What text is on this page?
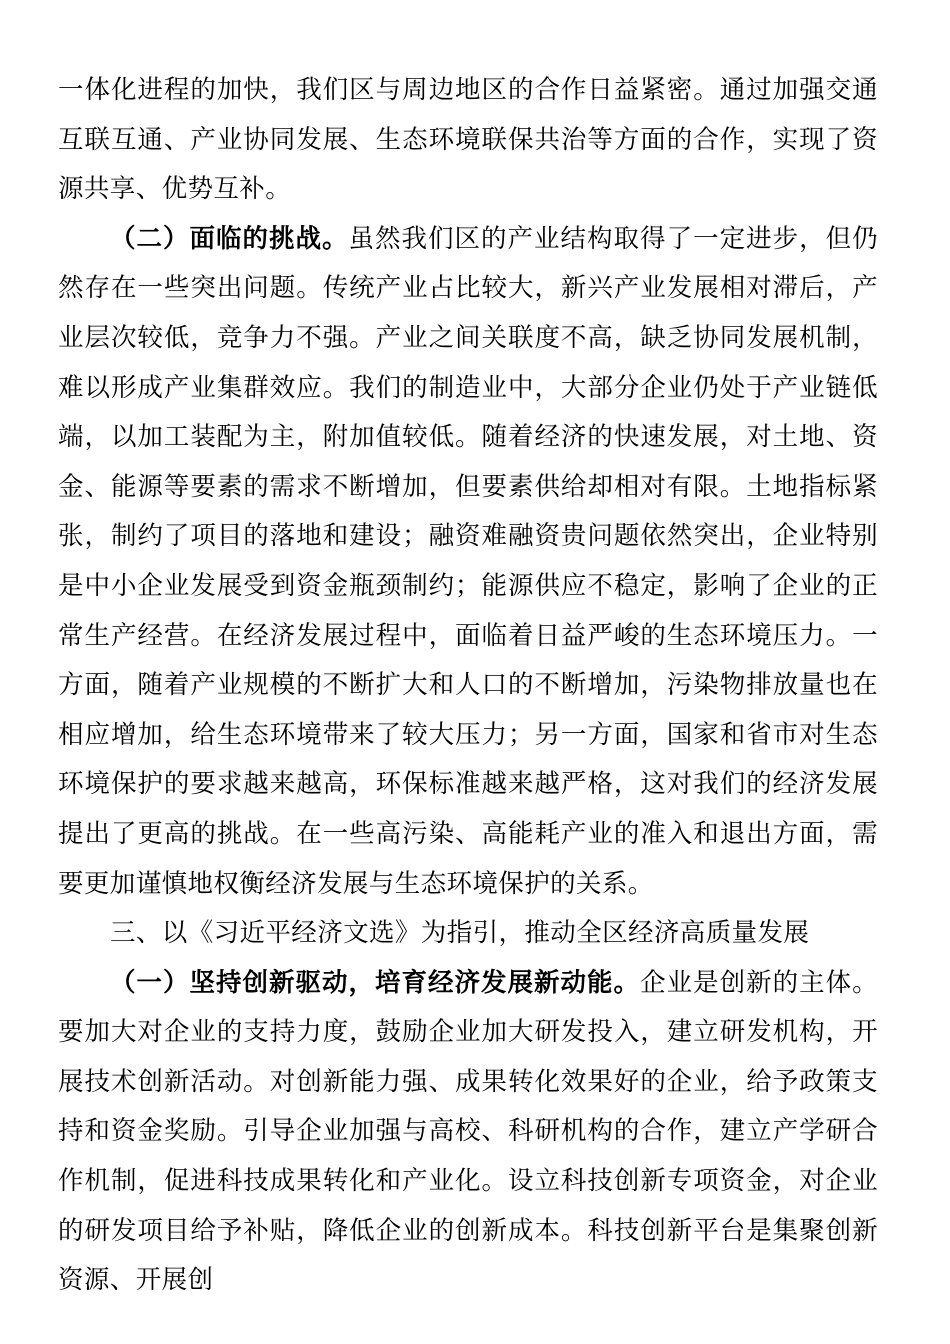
一体化进程的加快，我们区与周边地区的合作日益紧密。通过加强交通互联互通、产业协同发展、生态环境联保共治等方面的合作，实现了资源共享、优势互补。

（二）面临的挑战。虽然我们区的产业结构取得了一定进步，但仍然存在一些突出问题。传统产业占比较大，新兴产业发展相对滞后，产业层次较低，竞争力不强。产业之间关联度不高，缺乏协同发展机制，难以形成产业集群效应。我们的制造业中，大部分企业仍处于产业链低端，以加工装配为主，附加值较低。随着经济的快速发展，对土地、资金、能源等要素的需求不断增加，但要素供给却相对有限。土地指标紧张，制约了项目的落地和建设；融资难融资贵问题依然突出，企业特别是中小企业发展受到资金瓶颈制约；能源供应不稳定，影响了企业的正常生产经营。在经济发展过程中，面临着日益严峻的生态环境压力。一方面，随着产业规模的不断扩大和人口的不断增加，污染物排放量也在相应增加，给生态环境带来了较大压力；另一方面，国家和省市对生态环境保护的要求越来越高，环保标准越来越严格，这对我们的经济发展提出了更高的挑战。在一些高污染、高能耗产业的准入和退出方面，需要更加谨慎地权衡经济发展与生态环境保护的关系。

三、以《习近平经济文选》为指引，推动全区经济高质量发展

（一）坚持创新驱动，培育经济发展新动能。企业是创新的主体。要加大对企业的支持力度，鼓励企业加大研发投入，建立研发机构，开展技术创新活动。对创新能力强、成果转化效果好的企业，给予政策支持和资金奖励。引导企业加强与高校、科研机构的合作，建立产学研合作机制，促进科技成果转化和产业化。设立科技创新专项资金，对企业的研发项目给予补贴，降低企业的创新成本。科技创新平台是集聚创新资源、开展创
